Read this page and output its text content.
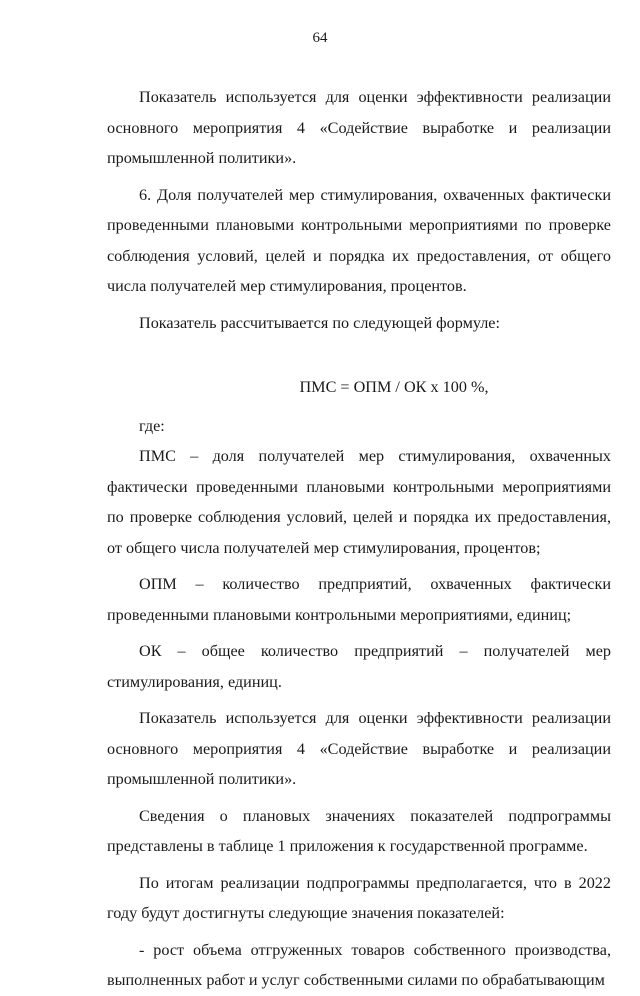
64

Показатель используется для оценки эффективности реализации основного мероприятия 4 «Содействие выработке и реализации промышленной политики».

6. Доля получателей мер стимулирования, охваченных фактически проведенными плановыми контрольными мероприятиями по проверке соблюдения условий, целей и порядка их предоставления, от общего числа получателей мер стимулирования, процентов.

Показатель рассчитывается по следующей формуле:

ПМС = ОПМ / ОК х 100 %,

где:

ПМС – доля получателей мер стимулирования, охваченных фактически проведенными плановыми контрольными мероприятиями по проверке соблюдения условий, целей и порядка их предоставления, от общего числа получателей мер стимулирования, процентов;

ОПМ – количество предприятий, охваченных фактически

проведенными плановыми контрольными мероприятиями, единиц;

ОК – общее количество предприятий – получателей мер

стимулирования, единиц.

Показатель используется для оценки эффективности реализации основного мероприятия 4 «Содействие выработке и реализации промышленной политики».

Сведения о плановых значениях показателей подпрограммы представлены в таблице 1 приложения к государственной программе.

По итогам реализации подпрограммы предполагается, что в 2022 году будут достигнуты следующие значения показателей:

- рост объема отгруженных товаров собственного производства, выполненных работ и услуг собственными силами по обрабатывающим
